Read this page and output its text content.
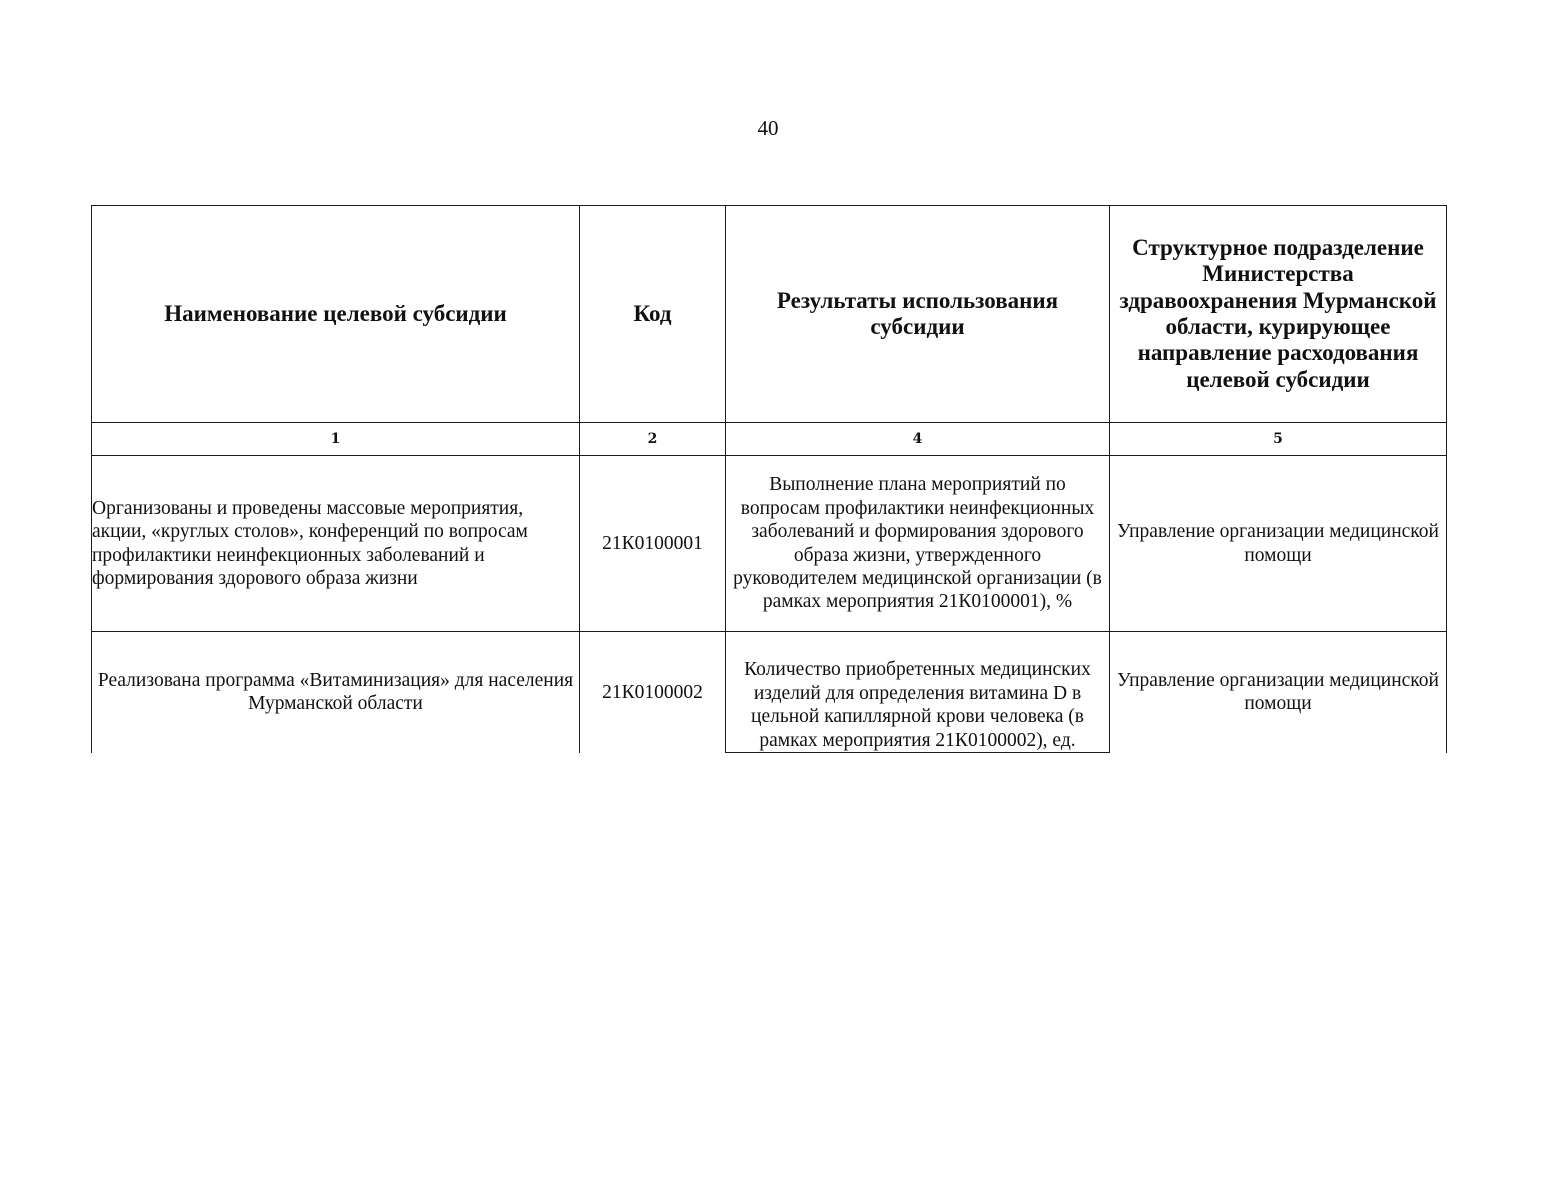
40
Наименование целевой субсидии	Код	Результаты использования субсидии	Структурное подразделение Министерства здравоохранения Мурманской области, курирующее направление расходования целевой субсидии
1	2	4	5
Организованы и проведены массовые мероприятия, акции, «круглых столов», конференций по вопросам профилактики неинфекционных заболеваний и формирования здорового образа жизни	21К0100001	Выполнение плана мероприятий по вопросам профилактики неинфекционных заболеваний и формирования здорового образа жизни, утвержденного руководителем медицинской организации (в рамках мероприятия 21К0100001), %	Управление организации медицинской помощи
Реализована программа «Витаминизация» для населения Мурманской области	21К0100002	Количество приобретенных медицинских изделий для определения витамина D в цельной капиллярной крови человека (в рамках мероприятия 21К0100002), ед.	Управление организации медицинской помощи
